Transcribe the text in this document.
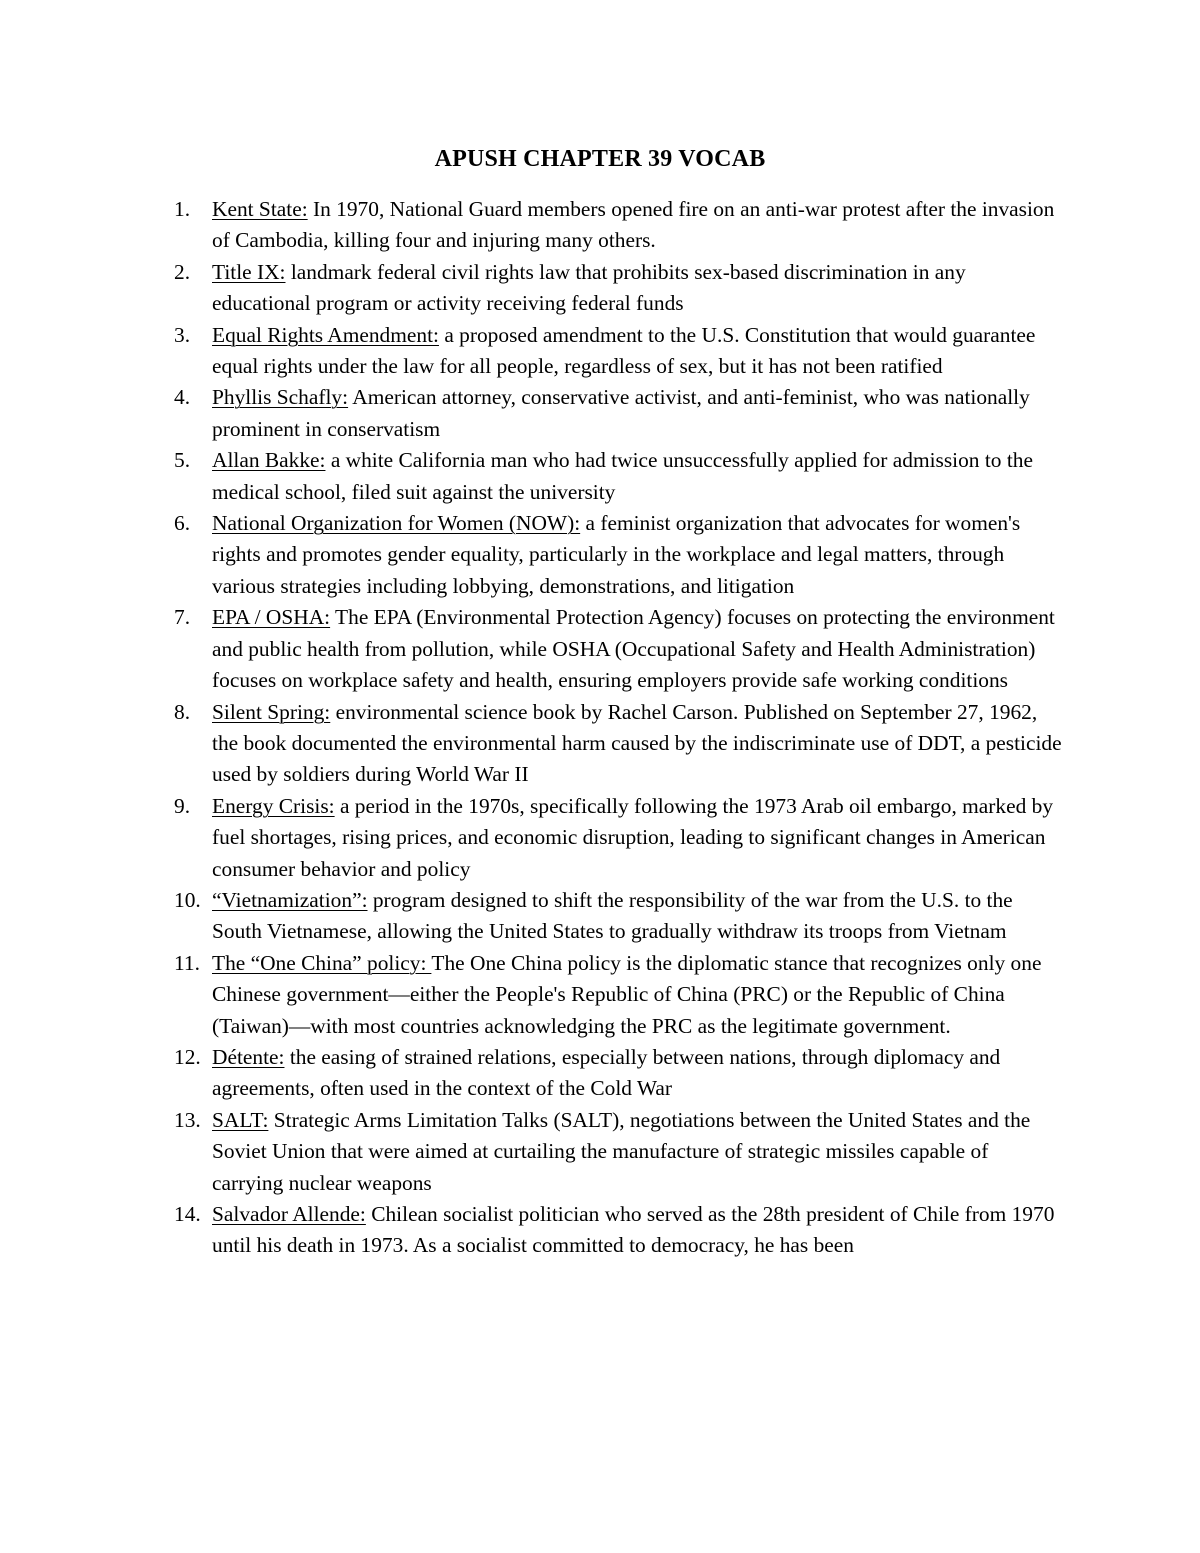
APUSH CHAPTER 39 VOCAB
1. Kent State: In 1970, National Guard members opened fire on an anti-war protest after the invasion of Cambodia, killing four and injuring many others.
2. Title IX: landmark federal civil rights law that prohibits sex-based discrimination in any educational program or activity receiving federal funds
3. Equal Rights Amendment: a proposed amendment to the U.S. Constitution that would guarantee equal rights under the law for all people, regardless of sex, but it has not been ratified
4. Phyllis Schafly: American attorney, conservative activist, and anti-feminist, who was nationally prominent in conservatism
5. Allan Bakke: a white California man who had twice unsuccessfully applied for admission to the medical school, filed suit against the university
6. National Organization for Women (NOW): a feminist organization that advocates for women's rights and promotes gender equality, particularly in the workplace and legal matters, through various strategies including lobbying, demonstrations, and litigation
7. EPA / OSHA: The EPA (Environmental Protection Agency) focuses on protecting the environment and public health from pollution, while OSHA (Occupational Safety and Health Administration) focuses on workplace safety and health, ensuring employers provide safe working conditions
8. Silent Spring: environmental science book by Rachel Carson. Published on September 27, 1962, the book documented the environmental harm caused by the indiscriminate use of DDT, a pesticide used by soldiers during World War II
9. Energy Crisis: a period in the 1970s, specifically following the 1973 Arab oil embargo, marked by fuel shortages, rising prices, and economic disruption, leading to significant changes in American consumer behavior and policy
10. “Vietnamization”: program designed to shift the responsibility of the war from the U.S. to the South Vietnamese, allowing the United States to gradually withdraw its troops from Vietnam
11. The “One China” policy: The One China policy is the diplomatic stance that recognizes only one Chinese government—either the People's Republic of China (PRC) or the Republic of China (Taiwan)—with most countries acknowledging the PRC as the legitimate government.
12. Détente: the easing of strained relations, especially between nations, through diplomacy and agreements, often used in the context of the Cold War
13. SALT: Strategic Arms Limitation Talks (SALT), negotiations between the United States and the Soviet Union that were aimed at curtailing the manufacture of strategic missiles capable of carrying nuclear weapons
14. Salvador Allende: Chilean socialist politician who served as the 28th president of Chile from 1970 until his death in 1973. As a socialist committed to democracy, he has been
